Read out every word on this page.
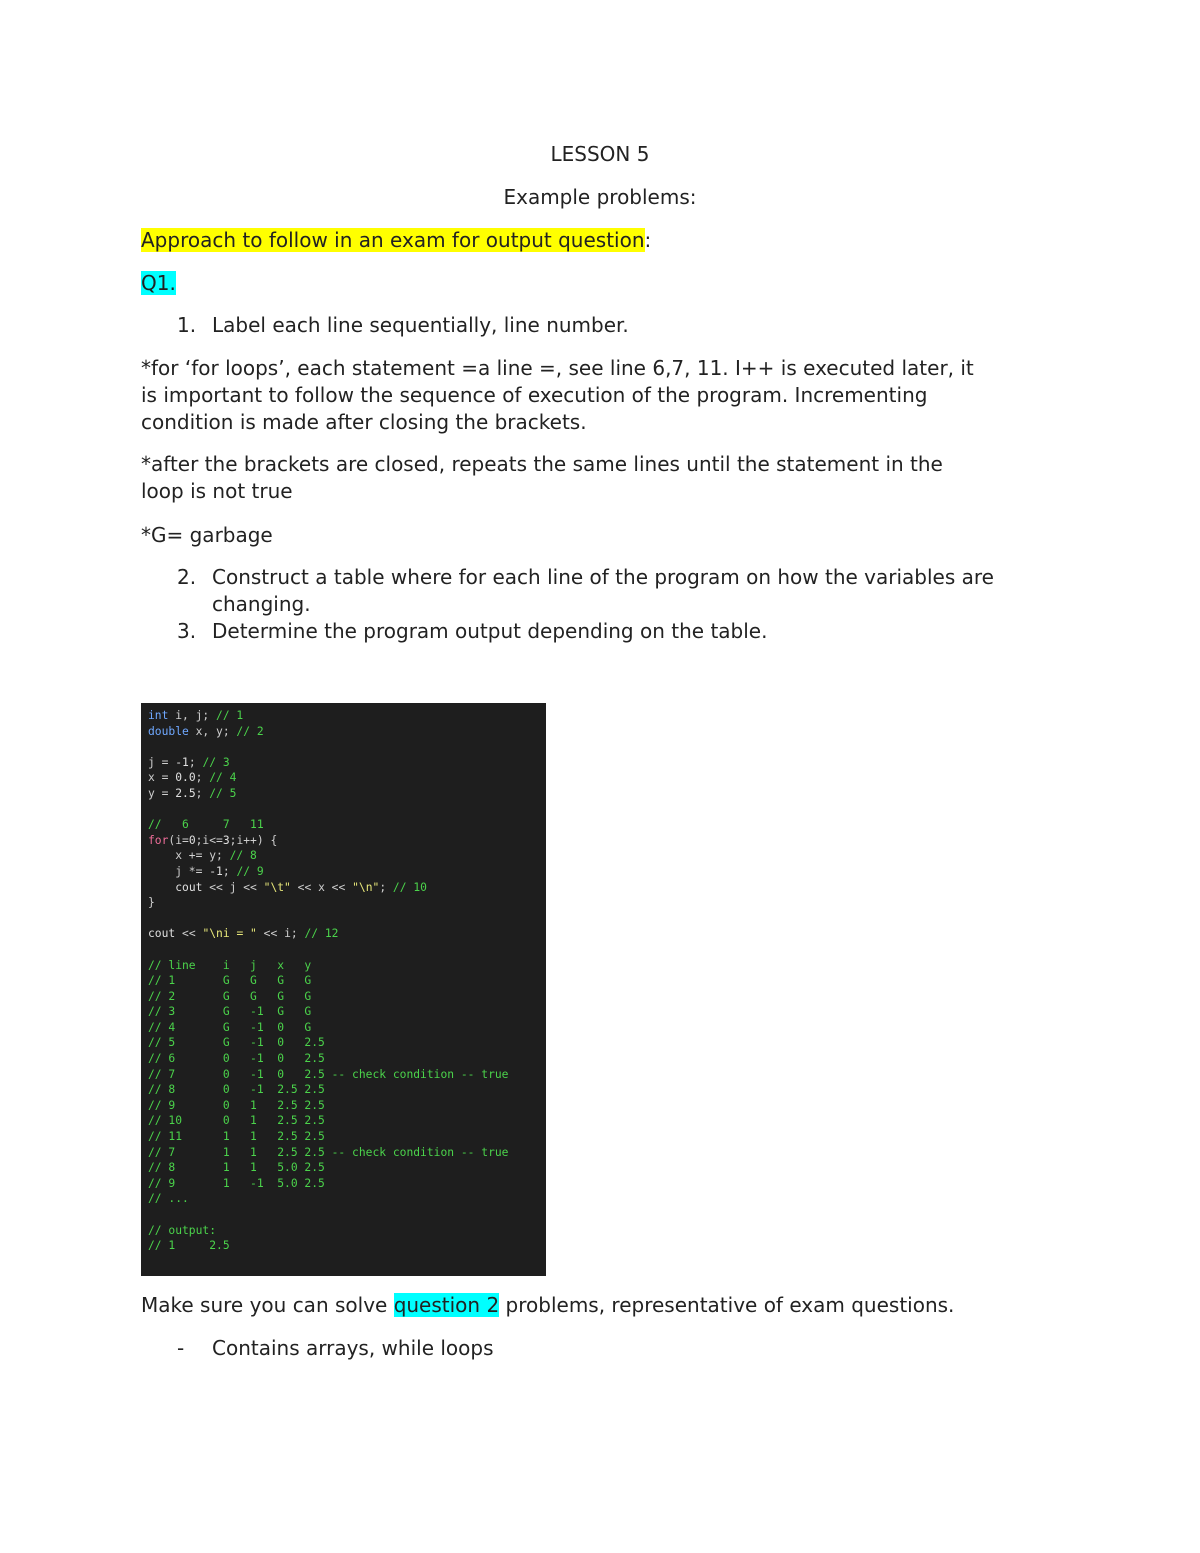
LESSON 5
Example problems:
Approach to follow in an exam for output question:
Q1.
1. Label each line sequentially, line number.
*for ‘for loops’, each statement =a line =, see line 6,7, 11. I++ is executed later, it
is important to follow the sequence of execution of the program. Incrementing
condition is made after closing the brackets.
*after the brackets are closed, repeats the same lines until the statement in the
loop is not true
*G= garbage
2. Construct a table where for each line of the program on how the variables are
changing.
3. Determine the program output depending on the table.
int i, j; // 1
double x, y; // 2

j = -1; // 3
x = 0.0; // 4
y = 2.5; // 5

//   6     7   11
for(i=0;i<=3;i++) {
x += y; // 8
j *= -1; // 9
cout << j << "\t" << x << "\n"; // 10
}

cout << "\ni = " << i; // 12

// line    i   j   x   y
// 1       G   G   G   G
// 2       G   G   G   G
// 3       G   -1  G   G
// 4       G   -1  0   G
// 5       G   -1  0   2.5
// 6       0   -1  0   2.5
// 7       0   -1  0   2.5 -- check condition -- true
// 8       0   -1  2.5 2.5
// 9       0   1   2.5 2.5
// 10      0   1   2.5 2.5
// 11      1   1   2.5 2.5
// 7       1   1   2.5 2.5 -- check condition -- true
// 8       1   1   5.0 2.5
// 9       1   -1  5.0 2.5
// ...

// output:
// 1     2.5
Make sure you can solve question 2 problems, representative of exam questions.
- Contains arrays, while loops
